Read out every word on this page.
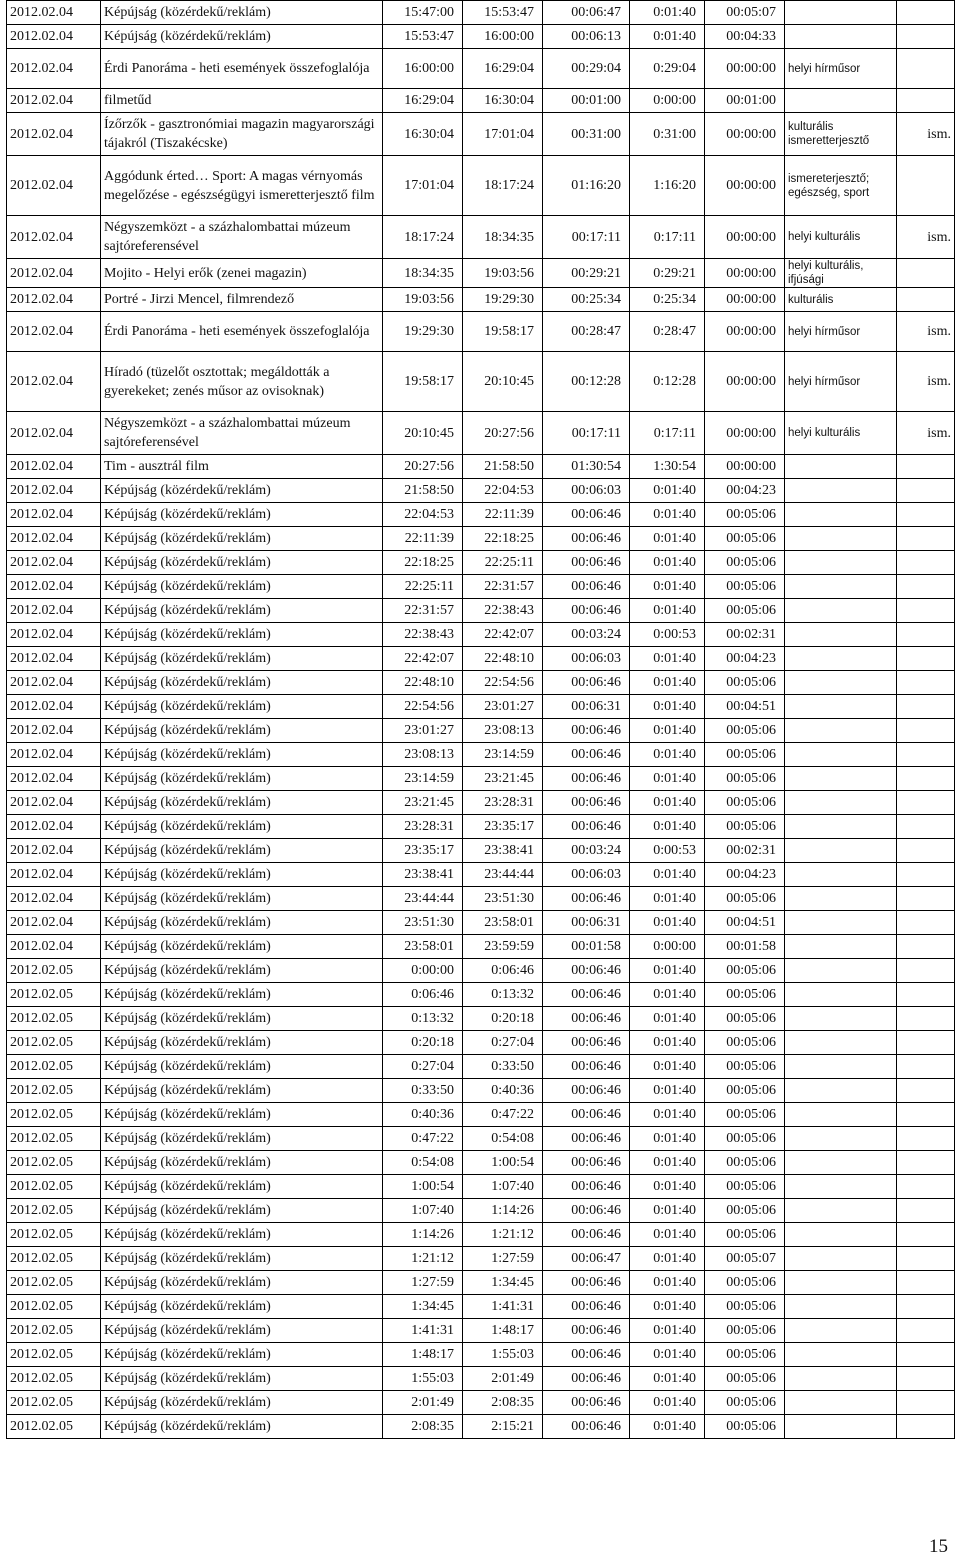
2012.02.04	Képújság (közérdekű/reklám)	15:47:00	15:53:47	00:06:47	0:01:40	00:05:07		
2012.02.04	Képújság (közérdekű/reklám)	15:53:47	16:00:00	00:06:13	0:01:40	00:04:33		
2012.02.04	Érdi Panoráma - heti események összefoglalója	16:00:00	16:29:04	00:29:04	0:29:04	00:00:00	helyi hírműsor	
2012.02.04	filmetűd	16:29:04	16:30:04	00:01:00	0:00:00	00:01:00		
2012.02.04	Ízőrzők - gasztronómiai magazin magyarországi tájakról (Tiszakécske)	16:30:04	17:01:04	00:31:00	0:31:00	00:00:00	kulturális ismeretterjesztő	ism.
2012.02.04	Aggódunk érted… Sport: A magas vérnyomás megelőzése - egészségügyi ismeretterjesztő film	17:01:04	18:17:24	01:16:20	1:16:20	00:00:00	ismereterjesztő; egészség, sport	
2012.02.04	Négyszemközt - a százhalombattai múzeum sajtóreferensével	18:17:24	18:34:35	00:17:11	0:17:11	00:00:00	helyi kulturális	ism.
2012.02.04	Mojito - Helyi erők (zenei magazin)	18:34:35	19:03:56	00:29:21	0:29:21	00:00:00	helyi kulturális, ifjúsági	
2012.02.04	Portré - Jirzi Mencel, filmrendező	19:03:56	19:29:30	00:25:34	0:25:34	00:00:00	kulturális	
2012.02.04	Érdi Panoráma - heti események összefoglalója	19:29:30	19:58:17	00:28:47	0:28:47	00:00:00	helyi hírműsor	ism.
2012.02.04	Híradó (tüzelőt osztottak; megáldották a gyerekeket; zenés műsor az ovisoknak)	19:58:17	20:10:45	00:12:28	0:12:28	00:00:00	helyi hírműsor	ism.
2012.02.04	Négyszemközt - a százhalombattai múzeum sajtóreferensével	20:10:45	20:27:56	00:17:11	0:17:11	00:00:00	helyi kulturális	ism.
2012.02.04	Tim - ausztrál film	20:27:56	21:58:50	01:30:54	1:30:54	00:00:00		
2012.02.04	Képújság (közérdekű/reklám)	21:58:50	22:04:53	00:06:03	0:01:40	00:04:23		
2012.02.04	Képújság (közérdekű/reklám)	22:04:53	22:11:39	00:06:46	0:01:40	00:05:06		
2012.02.04	Képújság (közérdekű/reklám)	22:11:39	22:18:25	00:06:46	0:01:40	00:05:06		
2012.02.04	Képújság (közérdekű/reklám)	22:18:25	22:25:11	00:06:46	0:01:40	00:05:06		
2012.02.04	Képújság (közérdekű/reklám)	22:25:11	22:31:57	00:06:46	0:01:40	00:05:06		
2012.02.04	Képújság (közérdekű/reklám)	22:31:57	22:38:43	00:06:46	0:01:40	00:05:06		
2012.02.04	Képújság (közérdekű/reklám)	22:38:43	22:42:07	00:03:24	0:00:53	00:02:31		
2012.02.04	Képújság (közérdekű/reklám)	22:42:07	22:48:10	00:06:03	0:01:40	00:04:23		
2012.02.04	Képújság (közérdekű/reklám)	22:48:10	22:54:56	00:06:46	0:01:40	00:05:06		
2012.02.04	Képújság (közérdekű/reklám)	22:54:56	23:01:27	00:06:31	0:01:40	00:04:51		
2012.02.04	Képújság (közérdekű/reklám)	23:01:27	23:08:13	00:06:46	0:01:40	00:05:06		
2012.02.04	Képújság (közérdekű/reklám)	23:08:13	23:14:59	00:06:46	0:01:40	00:05:06		
2012.02.04	Képújság (közérdekű/reklám)	23:14:59	23:21:45	00:06:46	0:01:40	00:05:06		
2012.02.04	Képújság (közérdekű/reklám)	23:21:45	23:28:31	00:06:46	0:01:40	00:05:06		
2012.02.04	Képújság (közérdekű/reklám)	23:28:31	23:35:17	00:06:46	0:01:40	00:05:06		
2012.02.04	Képújság (közérdekű/reklám)	23:35:17	23:38:41	00:03:24	0:00:53	00:02:31		
2012.02.04	Képújság (közérdekű/reklám)	23:38:41	23:44:44	00:06:03	0:01:40	00:04:23		
2012.02.04	Képújság (közérdekű/reklám)	23:44:44	23:51:30	00:06:46	0:01:40	00:05:06		
2012.02.04	Képújság (közérdekű/reklám)	23:51:30	23:58:01	00:06:31	0:01:40	00:04:51		
2012.02.04	Képújság (közérdekű/reklám)	23:58:01	23:59:59	00:01:58	0:00:00	00:01:58		
2012.02.05	Képújság (közérdekű/reklám)	0:00:00	0:06:46	00:06:46	0:01:40	00:05:06		
2012.02.05	Képújság (közérdekű/reklám)	0:06:46	0:13:32	00:06:46	0:01:40	00:05:06		
2012.02.05	Képújság (közérdekű/reklám)	0:13:32	0:20:18	00:06:46	0:01:40	00:05:06		
2012.02.05	Képújság (közérdekű/reklám)	0:20:18	0:27:04	00:06:46	0:01:40	00:05:06		
2012.02.05	Képújság (közérdekű/reklám)	0:27:04	0:33:50	00:06:46	0:01:40	00:05:06		
2012.02.05	Képújság (közérdekű/reklám)	0:33:50	0:40:36	00:06:46	0:01:40	00:05:06		
2012.02.05	Képújság (közérdekű/reklám)	0:40:36	0:47:22	00:06:46	0:01:40	00:05:06		
2012.02.05	Képújság (közérdekű/reklám)	0:47:22	0:54:08	00:06:46	0:01:40	00:05:06		
2012.02.05	Képújság (közérdekű/reklám)	0:54:08	1:00:54	00:06:46	0:01:40	00:05:06		
2012.02.05	Képújság (közérdekű/reklám)	1:00:54	1:07:40	00:06:46	0:01:40	00:05:06		
2012.02.05	Képújság (közérdekű/reklám)	1:07:40	1:14:26	00:06:46	0:01:40	00:05:06		
2012.02.05	Képújság (közérdekű/reklám)	1:14:26	1:21:12	00:06:46	0:01:40	00:05:06		
2012.02.05	Képújság (közérdekű/reklám)	1:21:12	1:27:59	00:06:47	0:01:40	00:05:07		
2012.02.05	Képújság (közérdekű/reklám)	1:27:59	1:34:45	00:06:46	0:01:40	00:05:06		
2012.02.05	Képújság (közérdekű/reklám)	1:34:45	1:41:31	00:06:46	0:01:40	00:05:06		
2012.02.05	Képújság (közérdekű/reklám)	1:41:31	1:48:17	00:06:46	0:01:40	00:05:06		
2012.02.05	Képújság (közérdekű/reklám)	1:48:17	1:55:03	00:06:46	0:01:40	00:05:06		
2012.02.05	Képújság (közérdekű/reklám)	1:55:03	2:01:49	00:06:46	0:01:40	00:05:06		
2012.02.05	Képújság (közérdekű/reklám)	2:01:49	2:08:35	00:06:46	0:01:40	00:05:06		
2012.02.05	Képújság (közérdekű/reklám)	2:08:35	2:15:21	00:06:46	0:01:40	00:05:06		
15
